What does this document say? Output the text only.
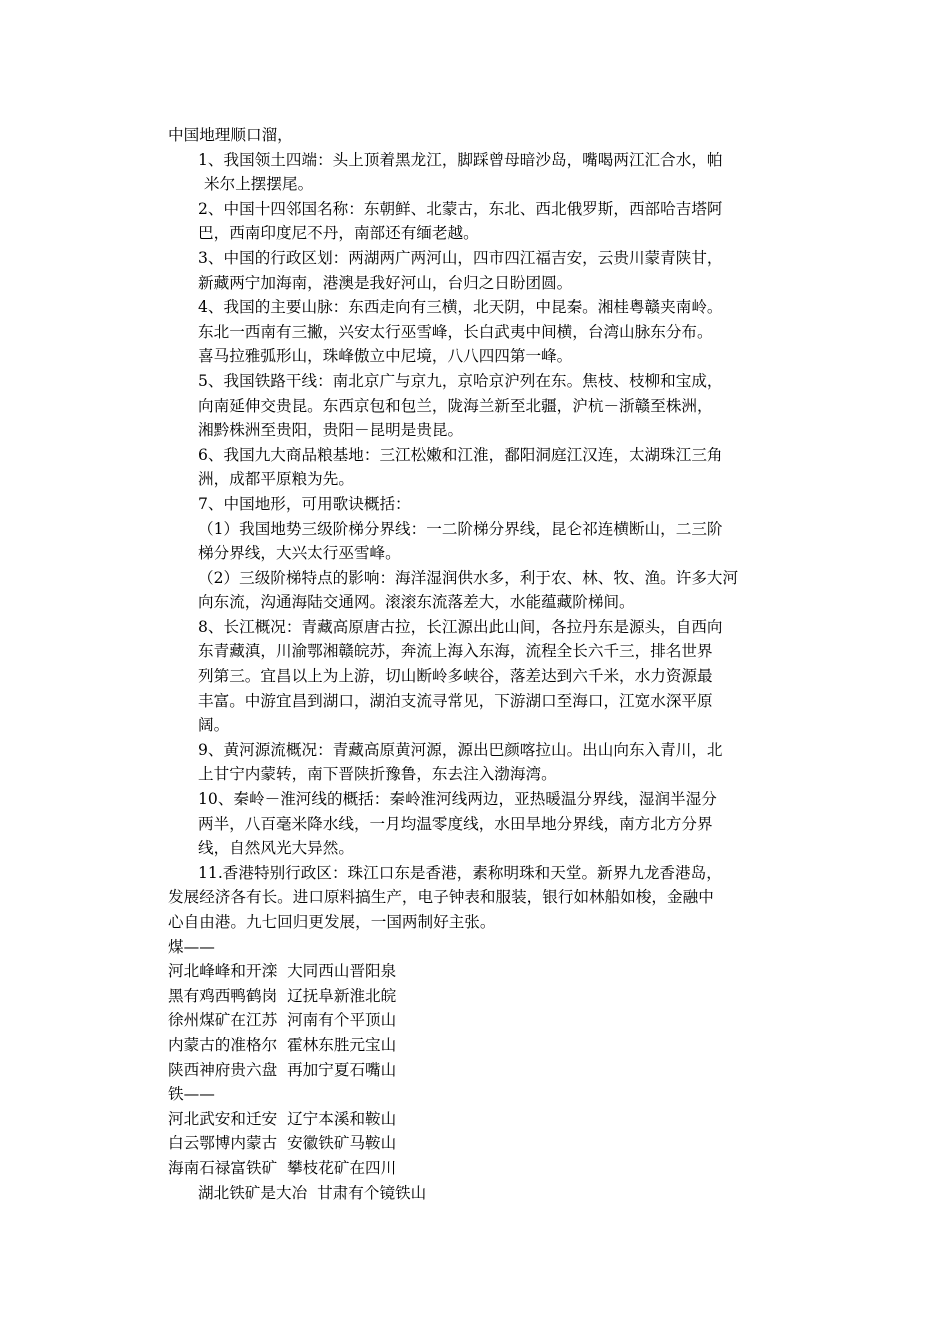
中国地理顺口溜，
1、我国领土四端：头上顶着黑龙江，脚踩曾母暗沙岛，嘴喝两江汇合水，帕
米尔上摆摆尾。
2、中国十四邻国名称：东朝鲜、北蒙古，东北、西北俄罗斯，西部哈吉塔阿
巴，西南印度尼不丹，南部还有缅老越。
3、中国的行政区划：两湖两广两河山，四市四江福吉安，云贵川蒙青陕甘，
新藏两宁加海南，港澳是我好河山，台归之日盼团圆。
4、我国的主要山脉：东西走向有三横，北天阴，中昆秦。湘桂粤赣夹南岭。
东北一西南有三撇，兴安太行巫雪峰，长白武夷中间横，台湾山脉东分布。
喜马拉雅弧形山，珠峰傲立中尼境，八八四四第一峰。
5、我国铁路干线：南北京广与京九，京哈京沪列在东。焦枝、枝柳和宝成，
向南延伸交贵昆。东西京包和包兰，陇海兰新至北疆，沪杭－浙赣至株洲，
湘黔株洲至贵阳，贵阳－昆明是贵昆。
6、我国九大商品粮基地：三江松嫩和江淮，鄱阳洞庭江汉连，太湖珠江三角
洲，成都平原粮为先。
7、中国地形，可用歌诀概括：
（1）我国地势三级阶梯分界线：一二阶梯分界线，昆仑祁连横断山，二三阶
梯分界线，大兴太行巫雪峰。
（2）三级阶梯特点的影响：海洋湿润供水多，利于农、林、牧、渔。许多大河
向东流，沟通海陆交通网。滚滚东流落差大，水能蕴藏阶梯间。
8、长江概况：青藏高原唐古拉，长江源出此山间，各拉丹东是源头，自西向
东青藏滇，川渝鄂湘赣皖苏，奔流上海入东海，流程全长六千三，排名世界
列第三。宜昌以上为上游，切山断岭多峡谷，落差达到六千米，水力资源最
丰富。中游宜昌到湖口，湖泊支流寻常见，下游湖口至海口，江宽水深平原
阔。
9、黄河源流概况：青藏高原黄河源，源出巴颜喀拉山。出山向东入青川，北
上甘宁内蒙转，南下晋陕折豫鲁，东去注入渤海湾。
10、秦岭－淮河线的概括：秦岭淮河线两边，亚热暖温分界线，湿润半湿分
两半，八百毫米降水线，一月均温零度线，水田旱地分界线，南方北方分界
线，自然风光大异然。
11.香港特别行政区：珠江口东是香港，素称明珠和天堂。新界九龙香港岛，
发展经济各有长。进口原料搞生产，电子钟表和服装，银行如林船如梭，金融中
心自由港。九七回归更发展，一国两制好主张。
煤——
河北峰峰和开滦  大同西山晋阳泉
黑有鸡西鸭鹤岗  辽抚阜新淮北皖
徐州煤矿在江苏  河南有个平顶山
内蒙古的准格尔  霍林东胜元宝山
陕西神府贵六盘  再加宁夏石嘴山
铁——
河北武安和迁安  辽宁本溪和鞍山
白云鄂博内蒙古  安徽铁矿马鞍山
海南石禄富铁矿  攀枝花矿在四川
湖北铁矿是大冶  甘肃有个镜铁山
